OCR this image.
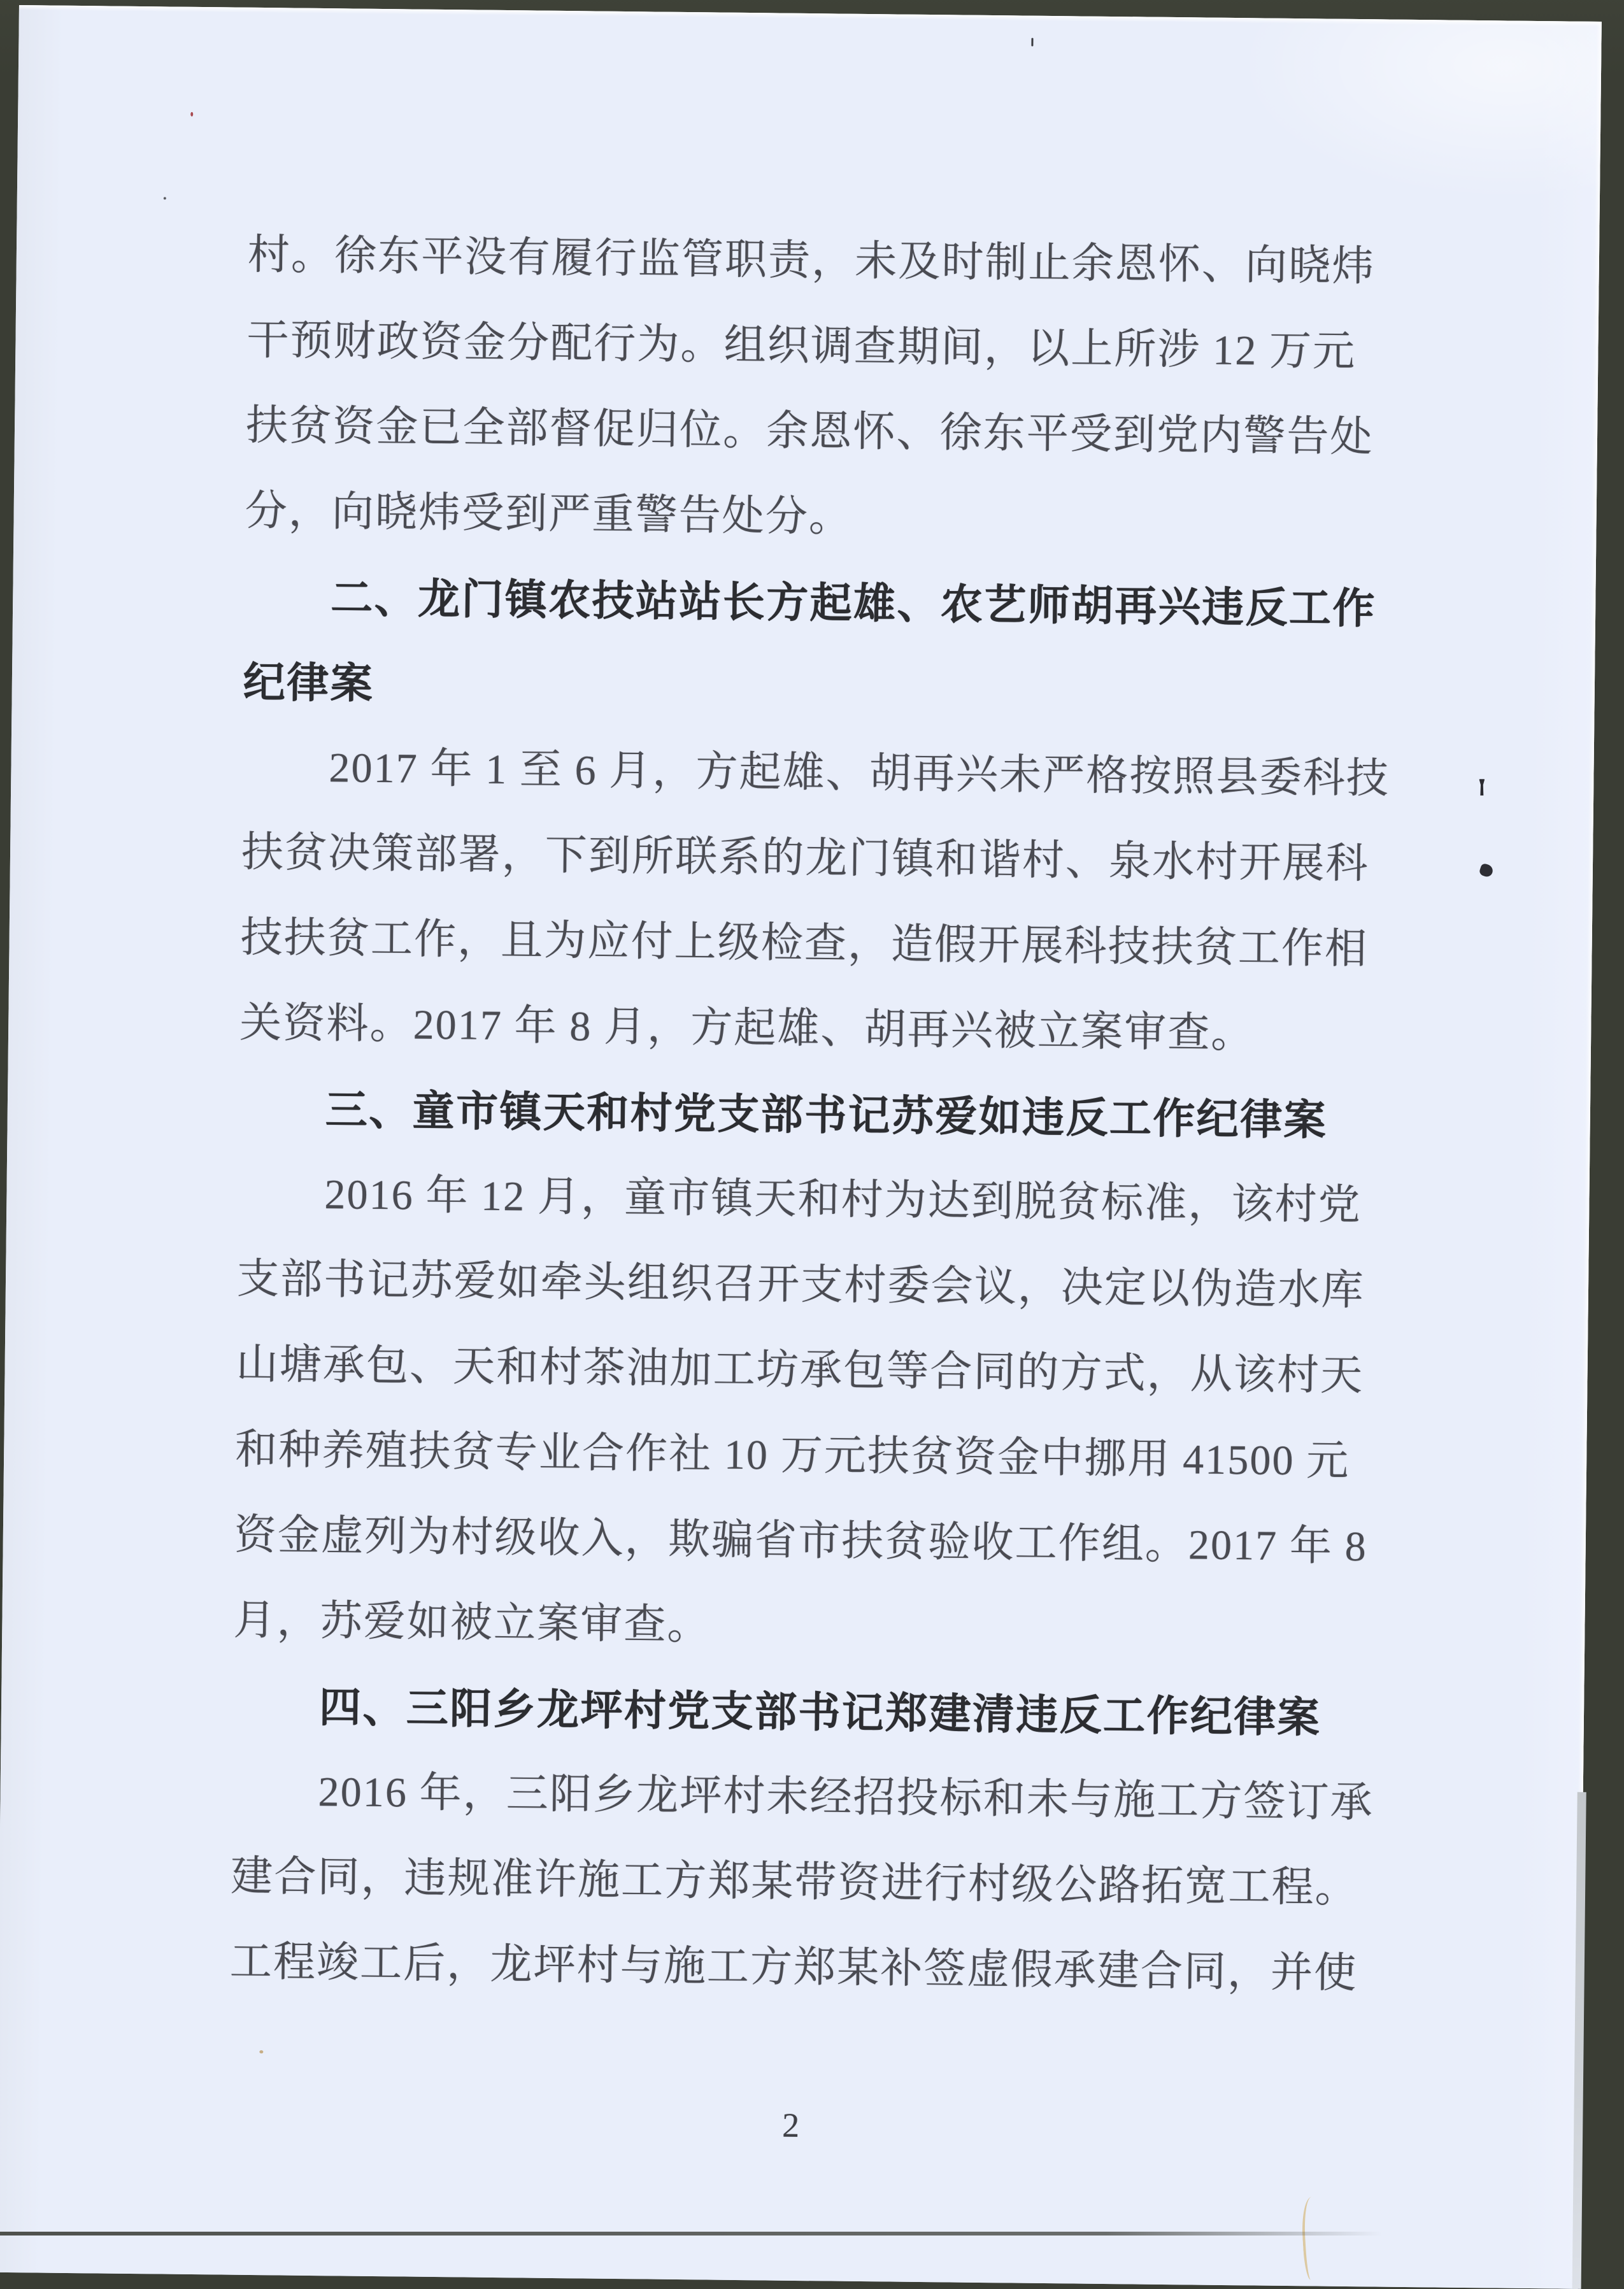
村。徐东平没有履行监管职责，未及时制止余恩怀、向晓炜
干预财政资金分配行为。组织调查期间，以上所涉 12 万元
扶贫资金已全部督促归位。余恩怀、徐东平受到党内警告处
分，向晓炜受到严重警告处分。
二、龙门镇农技站站长方起雄、农艺师胡再兴违反工作
纪律案
2017 年 1 至 6 月，方起雄、胡再兴未严格按照县委科技
扶贫决策部署，下到所联系的龙门镇和谐村、泉水村开展科
技扶贫工作，且为应付上级检查，造假开展科技扶贫工作相
关资料。2017 年 8 月，方起雄、胡再兴被立案审查。
三、童市镇天和村党支部书记苏爱如违反工作纪律案
2016 年 12 月，童市镇天和村为达到脱贫标准，该村党
支部书记苏爱如牵头组织召开支村委会议，决定以伪造水库
山塘承包、天和村茶油加工坊承包等合同的方式，从该村天
和种养殖扶贫专业合作社 10 万元扶贫资金中挪用 41500 元
资金虚列为村级收入，欺骗省市扶贫验收工作组。2017 年 8
月，苏爱如被立案审查。
四、三阳乡龙坪村党支部书记郑建清违反工作纪律案
2016 年，三阳乡龙坪村未经招投标和未与施工方签订承
建合同，违规准许施工方郑某带资进行村级公路拓宽工程。
工程竣工后，龙坪村与施工方郑某补签虚假承建合同，并使
2
